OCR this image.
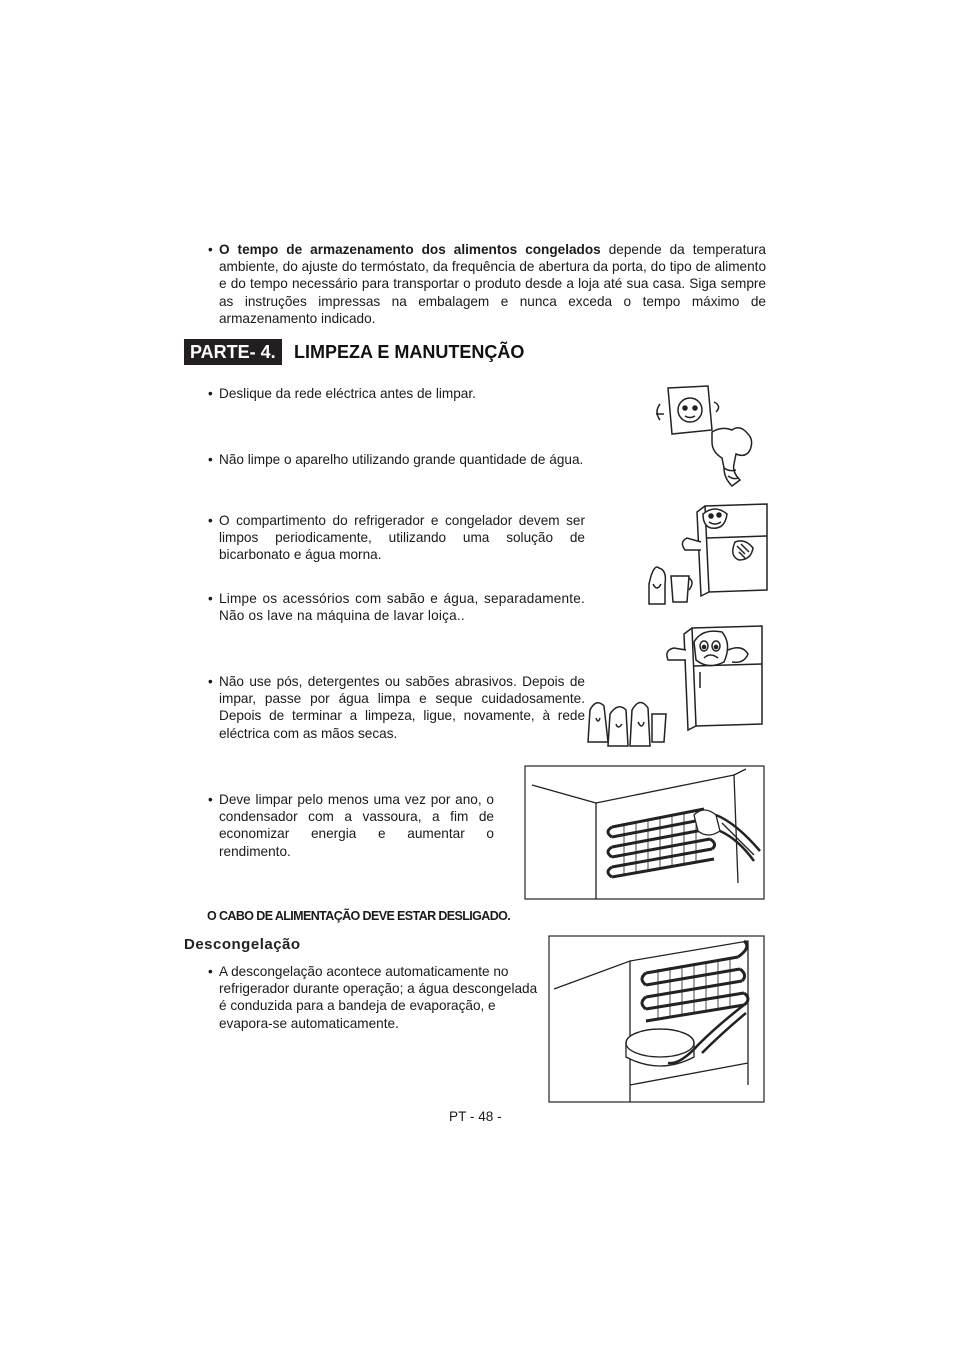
• O tempo de armazenamento dos alimentos congelados depende da temperatura ambiente, do ajuste do termóstato, da frequência de abertura da porta, do tipo de alimento e do tempo necessário para transportar o produto desde a loja até sua casa. Siga sempre as instruções impressas na embalagem e nunca exceda o tempo máximo de armazenamento indicado.
PARTE- 4.	LIMPEZA E MANUTENÇÃO
• Deslique da rede eléctrica antes de limpar.
• Não limpe o aparelho utilizando grande quantidade de água.
• O compartimento do refrigerador e congelador devem ser limpos periodicamente, utilizando uma solução de bicarbonato e água morna.
• Limpe os acessórios com sabão e água, separadamente. Não os lave na máquina de lavar loiça..
• Não use pós, detergentes ou sabões abrasivos. Depois de impar, passe por água limpa e seque cuidadosamente. Depois de terminar a limpeza, ligue, novamente, à rede eléctrica com as mãos secas.
• Deve limpar pelo menos uma vez por ano, o condensador com a vassoura, a fim de economizar energia e aumentar o rendimento.
O CABO DE ALIMENTAÇÃO DEVE ESTAR DESLIGADO.
Descongelação
• A descongelação acontece automaticamente no refrigerador durante operação; a água descongelada é conduzida para a bandeja de evaporação, e evapora-se automaticamente.
PT - 48 -
